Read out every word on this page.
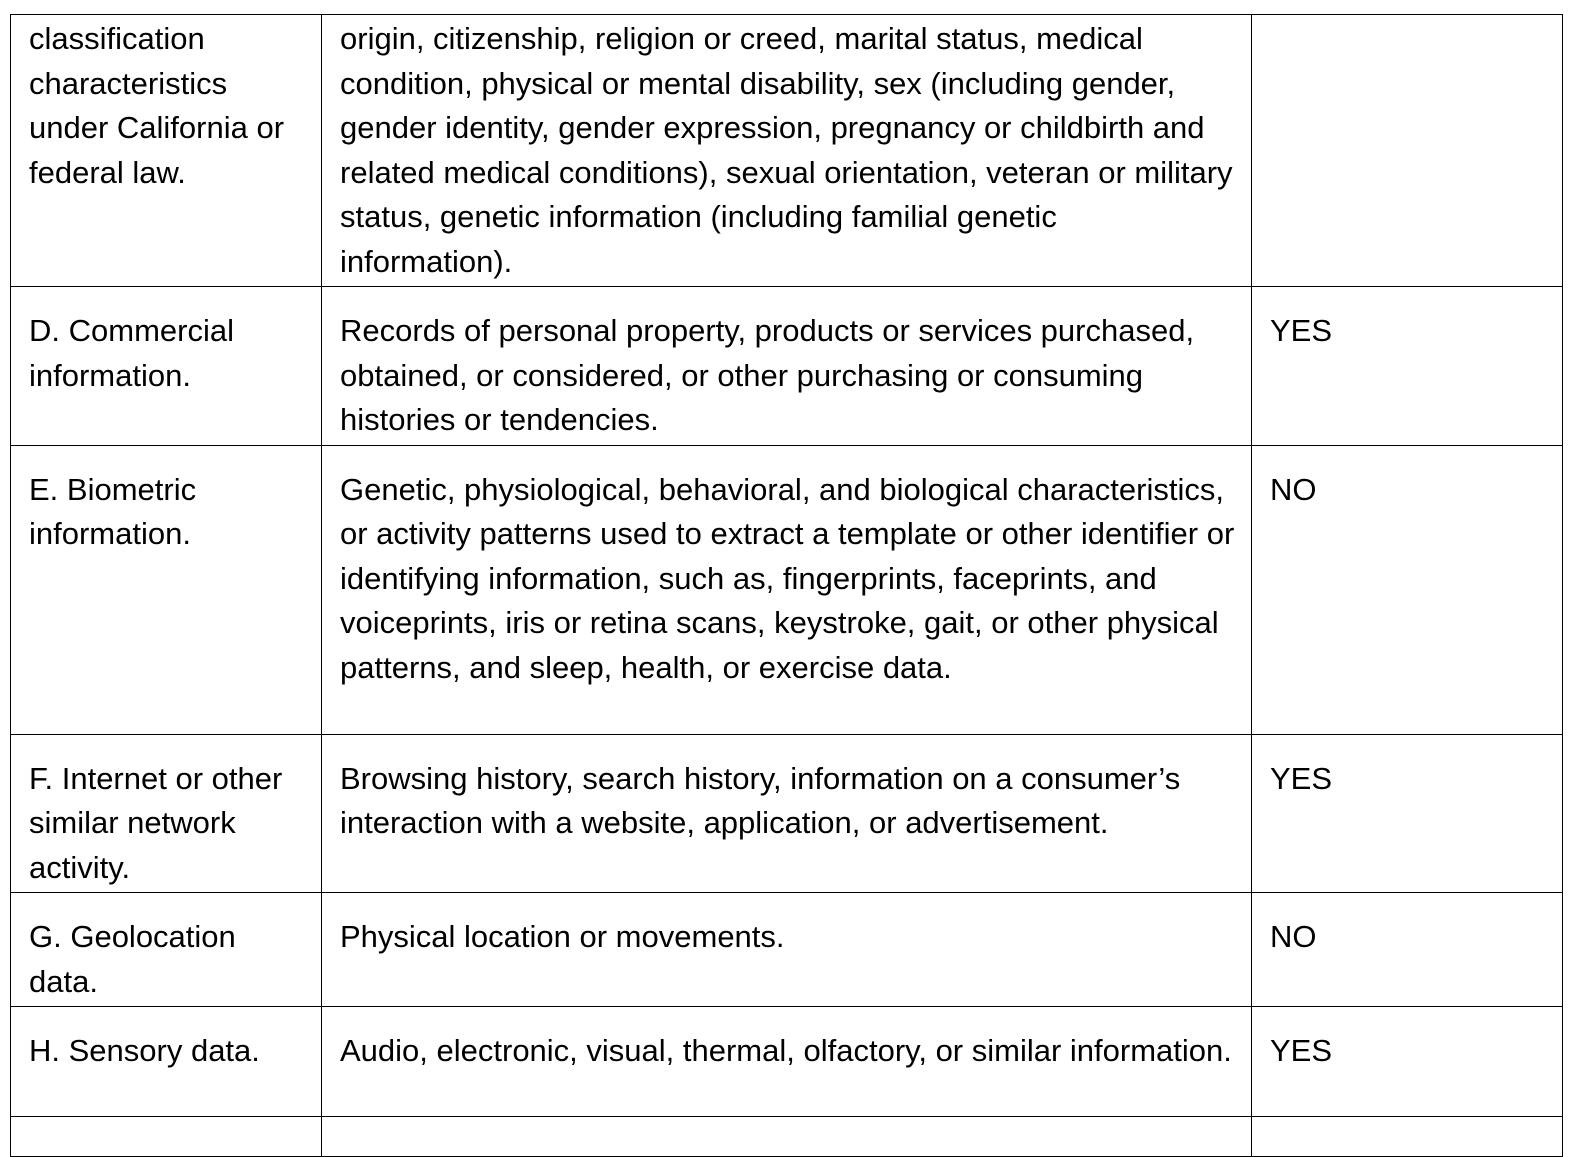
classification characteristics under California or federal law.	origin, citizenship, religion or creed, marital status, medical condition, physical or mental disability, sex (including gender, gender identity, gender expression, pregnancy or childbirth and related medical conditions), sexual orientation, veteran or military status, genetic information (including familial genetic information).	
D. Commercial information.	Records of personal property, products or services purchased, obtained, or considered, or other purchasing or consuming histories or tendencies.	YES
E. Biometric information.	Genetic, physiological, behavioral, and biological characteristics, or activity patterns used to extract a template or other identifier or identifying information, such as, fingerprints, faceprints, and voiceprints, iris or retina scans, keystroke, gait, or other physical patterns, and sleep, health, or exercise data.	NO
F. Internet or other similar network activity.	Browsing history, search history, information on a consumer’s interaction with a website, application, or advertisement.	YES
G. Geolocation data.	Physical location or movements.	NO
H. Sensory data.	Audio, electronic, visual, thermal, olfactory, or similar information.	YES
